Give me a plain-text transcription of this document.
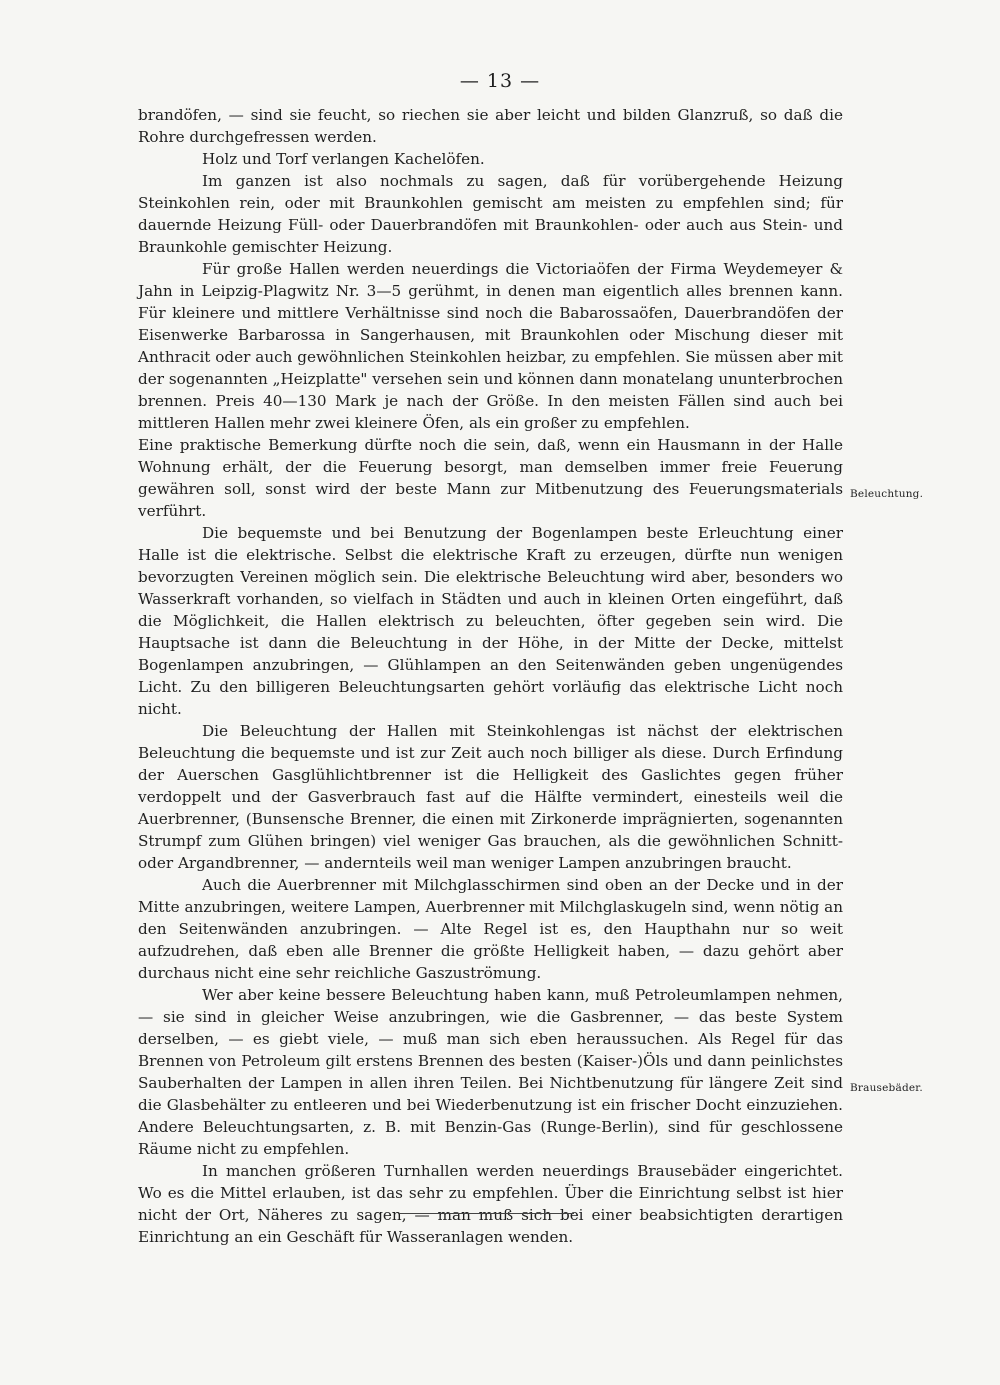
— 13 —

brandöfen, — sind sie feucht, so riechen sie aber leicht und bilden Glanzruß, so daß die Rohre durchgefressen werden.

Holz und Torf verlangen Kachelöfen.

Im ganzen ist also nochmals zu sagen, daß für vorübergehende Heizung Steinkohlen rein, oder mit Braunkohlen gemischt am meisten zu empfehlen sind; für dauernde Heizung Füll- oder Dauerbrandöfen mit Braunkohlen- oder auch aus Stein- und Braunkohle gemischter Heizung.

Für große Hallen werden neuerdings die Victoriaöfen der Firma Weydemeyer & Jahn in Leipzig-Plagwitz Nr. 3—5 gerühmt, in denen man eigentlich alles brennen kann. Für kleinere und mittlere Verhältnisse sind noch die Babarossaöfen, Dauerbrandöfen der Eisenwerke Barbarossa in Sangerhausen, mit Braunkohlen oder Mischung dieser mit Anthracit oder auch gewöhnlichen Steinkohlen heizbar, zu empfehlen. Sie müssen aber mit der sogenannten „Heizplatte" versehen sein und können dann monatelang ununterbrochen brennen. Preis 40—130 Mark je nach der Größe. In den meisten Fällen sind auch bei mittleren Hallen mehr zwei kleinere Öfen, als ein großer zu empfehlen.

Eine praktische Bemerkung dürfte noch die sein, daß, wenn ein Hausmann in der Halle Wohnung erhält, der die Feuerung besorgt, man demselben immer freie Feuerung gewähren soll, sonst wird der beste Mann zur Mitbenutzung des Feuerungsmaterials verführt.

Die bequemste und bei Benutzung der Bogenlampen beste Erleuchtung einer Halle ist die elektrische. Selbst die elektrische Kraft zu erzeugen, dürfte nun wenigen bevorzugten Vereinen möglich sein. Die elektrische Beleuchtung wird aber, besonders wo Wasserkraft vorhanden, so vielfach in Städten und auch in kleinen Orten eingeführt, daß die Möglichkeit, die Hallen elektrisch zu beleuchten, öfter gegeben sein wird. Die Hauptsache ist dann die Beleuchtung in der Höhe, in der Mitte der Decke, mittelst Bogenlampen anzubringen, — Glühlampen an den Seitenwänden geben ungenügendes Licht. Zu den billigeren Beleuchtungsarten gehört vorläufig das elektrische Licht noch nicht.

Die Beleuchtung der Hallen mit Steinkohlengas ist nächst der elektrischen Beleuchtung die bequemste und ist zur Zeit auch noch billiger als diese. Durch Erfindung der Auerschen Gasglühlichtbrenner ist die Helligkeit des Gaslichtes gegen früher verdoppelt und der Gasverbrauch fast auf die Hälfte vermindert, einesteils weil die Auerbrenner, (Bunsensche Brenner, die einen mit Zirkonerde imprägnierten, sogenannten Strumpf zum Glühen bringen) viel weniger Gas brauchen, als die gewöhnlichen Schnitt- oder Argandbrenner, — andernteils weil man weniger Lampen anzubringen braucht.

Auch die Auerbrenner mit Milchglasschirmen sind oben an der Decke und in der Mitte anzubringen, weitere Lampen, Auerbrenner mit Milchglaskugeln sind, wenn nötig an den Seitenwänden anzubringen. — Alte Regel ist es, den Haupthahn nur so weit aufzudrehen, daß eben alle Brenner die größte Helligkeit haben, — dazu gehört aber durchaus nicht eine sehr reichliche Gaszuströmung.

Wer aber keine bessere Beleuchtung haben kann, muß Petroleumlampen nehmen, — sie sind in gleicher Weise anzubringen, wie die Gasbrenner, — das beste System derselben, — es giebt viele, — muß man sich eben heraussuchen. Als Regel für das Brennen von Petroleum gilt erstens Brennen des besten (Kaiser-)Öls und dann peinlichstes Sauberhalten der Lampen in allen ihren Teilen. Bei Nichtbenutzung für längere Zeit sind die Glasbehälter zu entleeren und bei Wiederbenutzung ist ein frischer Docht einzuziehen. Andere Beleuchtungsarten, z. B. mit Benzin-Gas (Runge-Berlin), sind für geschlossene Räume nicht zu empfehlen.

In manchen größeren Turnhallen werden neuerdings Brausebäder eingerichtet. Wo es die Mittel erlauben, ist das sehr zu empfehlen. Über die Einrichtung selbst ist hier nicht der Ort, Näheres zu sagen, — man muß sich bei einer beabsichtigten derartigen Einrichtung an ein Geschäft für Wasseranlagen wenden.

Beleuchtung.
Brausebäder.
